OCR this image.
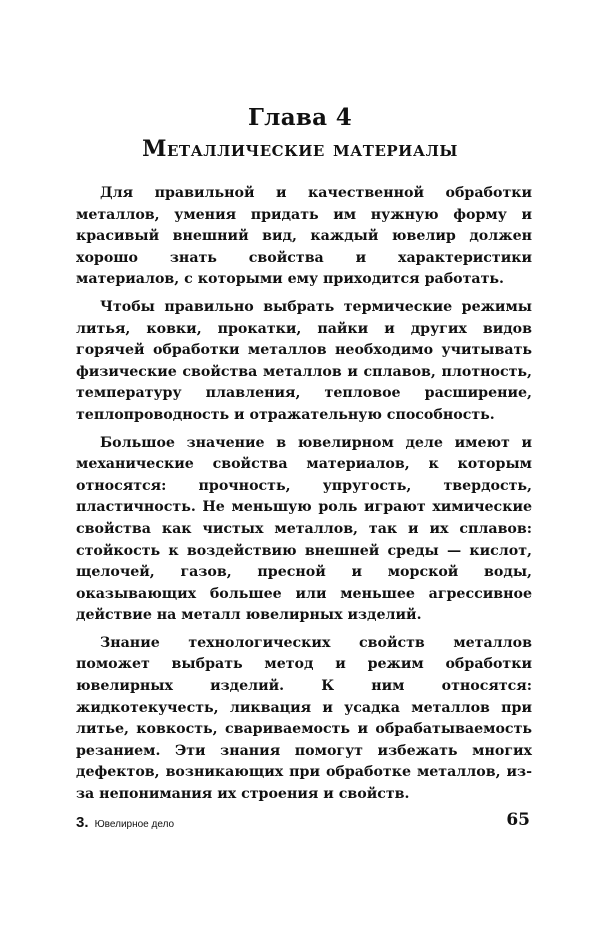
Глава 4
Металлические материалы

Для правильной и качественной обработки металлов, умения придать им нужную форму и красивый внешний вид, каждый ювелир должен хорошо знать свойства и характеристики материалов, с которыми ему приходится работать.

Чтобы правильно выбрать термические режимы литья, ковки, прокатки, пайки и других видов горячей обработки металлов необходимо учитывать физические свойства металлов и сплавов, плотность, температуру плавления, тепловое расширение, теплопроводность и отражательную способность.

Большое значение в ювелирном деле имеют и механические свойства материалов, к которым относятся: прочность, упругость, твердость, пластичность. Не меньшую роль играют химические свойства как чистых металлов, так и их сплавов: стойкость к воздействию внешней среды — кислот, щелочей, газов, пресной и морской воды, оказывающих большее или меньшее агрессивное действие на металл ювелирных изделий.

Знание технологических свойств металлов поможет выбрать метод и режим обработки ювелирных изделий. К ним относятся: жидкотекучесть, ликвация и усадка металлов при литье, ковкость, свариваемость и обрабатываемость резанием. Эти знания помогут избежать многих дефектов, возникающих при обработке металлов, из-за непонимания их строения и свойств.

3. Ювелирное дело	65
